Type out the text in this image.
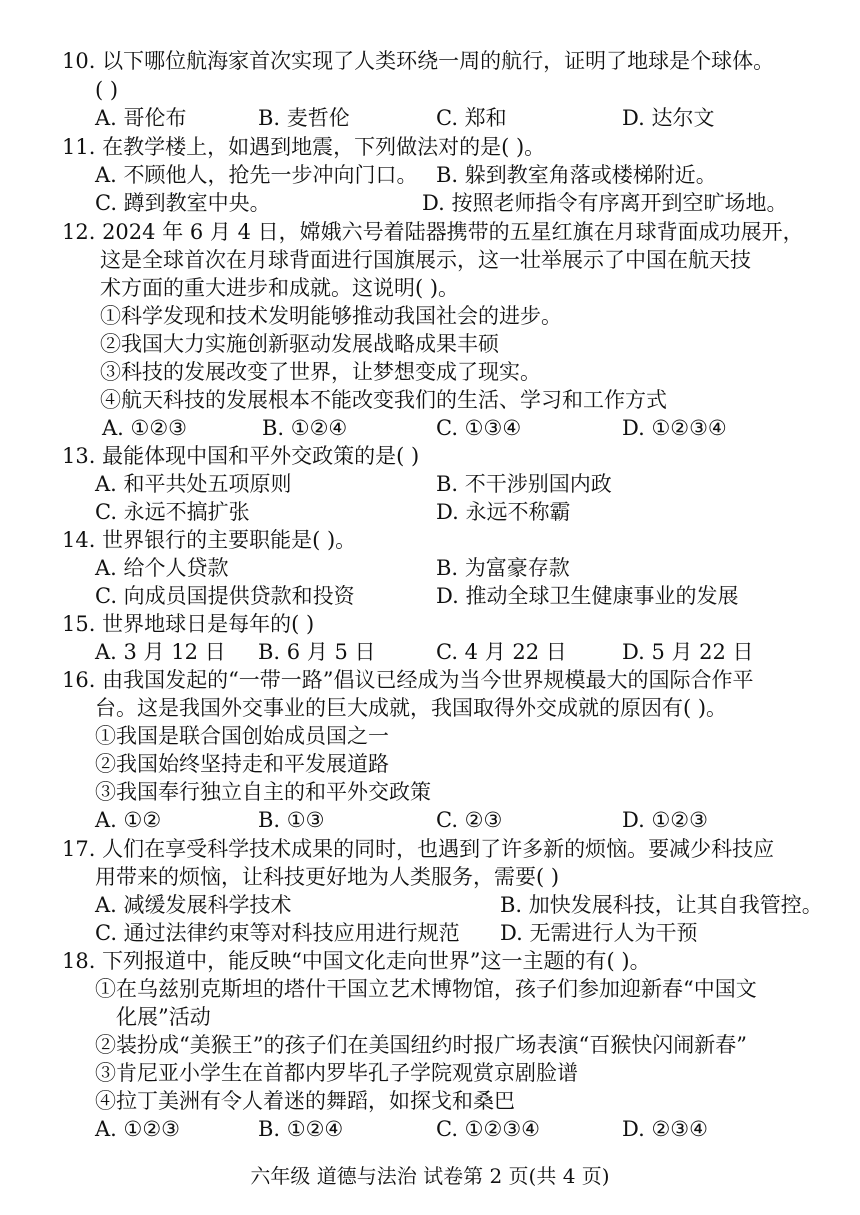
10. 以下哪位航海家首次实现了人类环绕一周的航行，证明了地球是个球体。
( )
A. 哥伦布	B. 麦哲伦	C. 郑和	D. 达尔文
11. 在教学楼上，如遇到地震，下列做法对的是( )。
A. 不顾他人，抢先一步冲向门口。 B. 躲到教室角落或楼梯附近。
C. 蹲到教室中央。	D. 按照老师指令有序离开到空旷场地。
12. 2024 年 6 月 4 日，嫦娥六号着陆器携带的五星红旗在月球背面成功展开，
这是全球首次在月球背面进行国旗展示，这一壮举展示了中国在航天技
术方面的重大进步和成就。这说明( )。
①科学发现和技术发明能够推动我国社会的进步。
②我国大力实施创新驱动发展战略成果丰硕
③科技的发展改变了世界，让梦想变成了现实。
④航天科技的发展根本不能改变我们的生活、学习和工作方式
A. ①②③	B. ①②④	C. ①③④	D. ①②③④
13. 最能体现中国和平外交政策的是( )
A. 和平共处五项原则	B. 不干涉别国内政
C. 永远不搞扩张	D. 永远不称霸
14. 世界银行的主要职能是( )。
A. 给个人贷款	B. 为富豪存款
C. 向成员国提供贷款和投资	D. 推动全球卫生健康事业的发展
15. 世界地球日是每年的( )
A. 3 月 12 日 B. 6 月 5 日	C. 4 月 22 日	D. 5 月 22 日
16. 由我国发起的“一带一路”倡议已经成为当今世界规模最大的国际合作平
台。这是我国外交事业的巨大成就，我国取得外交成就的原因有( )。
①我国是联合国创始成员国之一
②我国始终坚持走和平发展道路
③我国奉行独立自主的和平外交政策
A. ①②	B. ①③	C. ②③	D. ①②③
17. 人们在享受科学技术成果的同时，也遇到了许多新的烦恼。要减少科技应
用带来的烦恼，让科技更好地为人类服务，需要( )
A. 减缓发展科学技术	B. 加快发展科技，让其自我管控。
C. 通过法律约束等对科技应用进行规范 D. 无需进行人为干预
18. 下列报道中，能反映“中国文化走向世界”这一主题的有( )。
①在乌兹别克斯坦的塔什干国立艺术博物馆，孩子们参加迎新春“中国文
化展”活动
②装扮成“美猴王”的孩子们在美国纽约时报广场表演“百猴快闪闹新春”
③肯尼亚小学生在首都内罗毕孔子学院观赏京剧脸谱
④拉丁美洲有令人着迷的舞蹈，如探戈和桑巴
A. ①②③	B. ①②④	C. ①②③④	D. ②③④
六年级 道德与法治 试卷第 2 页(共 4 页)
